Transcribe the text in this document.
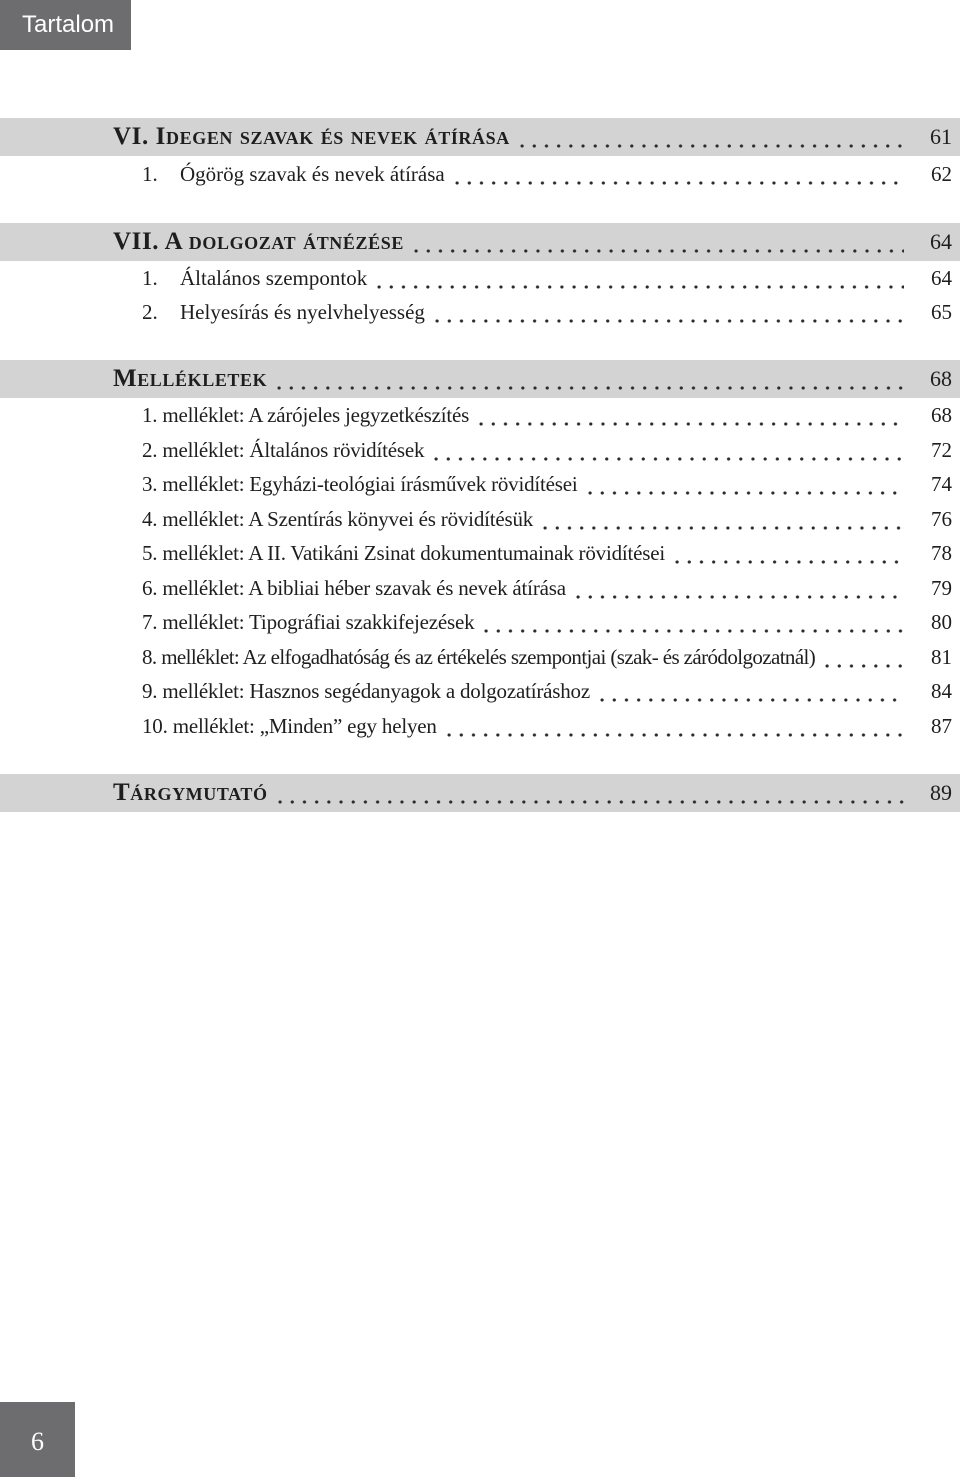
Tartalom
VI. Idegen szavak és nevek átírása	61
1.	Ógörög szavak és nevek átírása	62
VII. A dolgozat átnézése	64
1.	Általános szempontok	64
2.	Helyesírás és nyelvhelyesség	65
Mellékletek	68
1. melléklet: A zárójeles jegyzetkészítés	68
2. melléklet: Általános rövidítések	72
3. melléklet: Egyházi-teológiai írásművek rövidítései	74
4. melléklet: A Szentírás könyvei és rövidítésük	76
5. melléklet: A II. Vatikáni Zsinat dokumentumainak rövidítései	78
6. melléklet: A bibliai héber szavak és nevek átírása	79
7. melléklet: Tipográfiai szakkifejezések	80
8. melléklet: Az elfogadhatóság és az értékelés szempontjai (szak- és záródolgozatnál)	81
9. melléklet: Hasznos segédanyagok a dolgozatíráshoz	84
10. melléklet: „Minden” egy helyen	87
Tárgymutató	89
6
